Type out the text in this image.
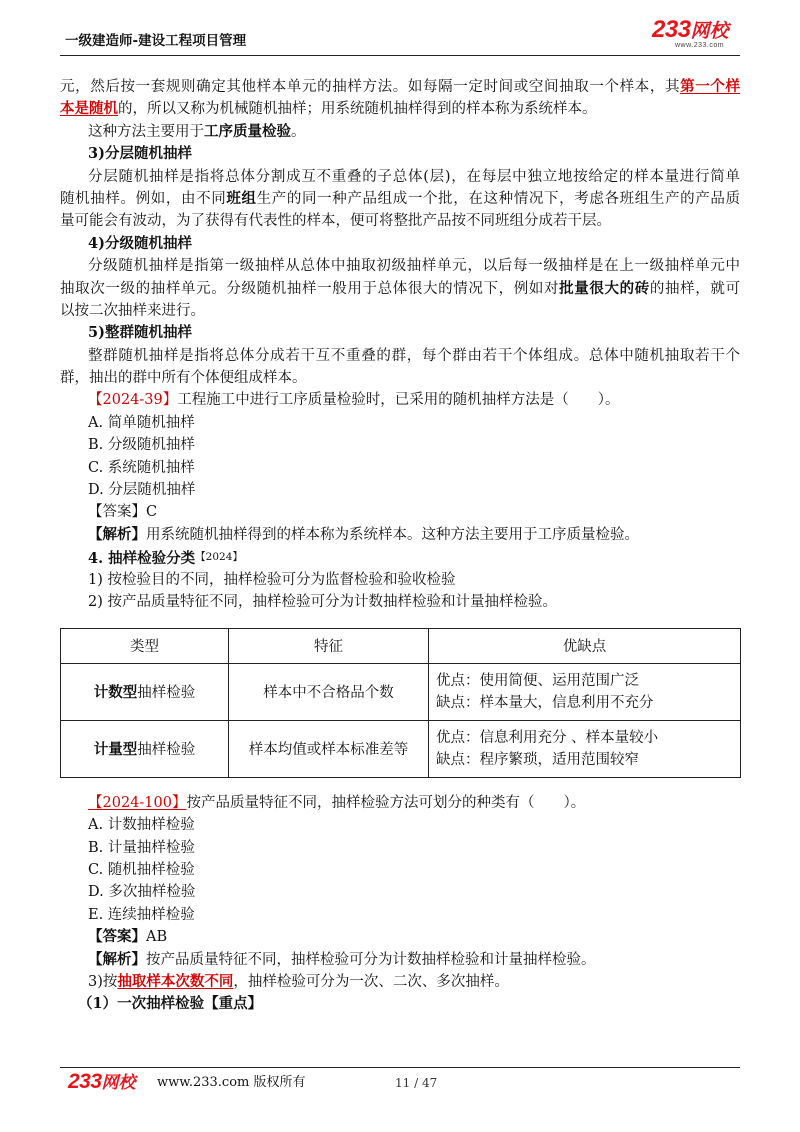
一级建造师-建设工程项目管理	233网校
www.233.com
元，然后按一套规则确定其他样本单元的抽样方法。如每隔一定时间或空间抽取一个样本，其第一个样
本是随机的，所以又称为机械随机抽样；用系统随机抽样得到的样本称为系统样本。
这种方法主要用于工序质量检验。
3)分层随机抽样
分层随机抽样是指将总体分割成互不重叠的子总体(层)，在每层中独立地按给定的样本量进行简单
随机抽样。例如，由不同班组生产的同一种产品组成一个批，在这种情况下，考虑各班组生产的产品质
量可能会有波动，为了获得有代表性的样本，便可将整批产品按不同班组分成若干层。
4)分级随机抽样
分级随机抽样是指第一级抽样从总体中抽取初级抽样单元，以后每一级抽样是在上一级抽样单元中
抽取次一级的抽样单元。分级随机抽样一般用于总体很大的情况下，例如对批量很大的砖的抽样，就可
以按二次抽样来进行。
5)整群随机抽样
整群随机抽样是指将总体分成若干互不重叠的群，每个群由若干个体组成。总体中随机抽取若干个
群，抽出的群中所有个体便组成样本。
【2024-39】工程施工中进行工序质量检验时，已采用的随机抽样方法是（　　）。
A. 简单随机抽样
B. 分级随机抽样
C. 系统随机抽样
D. 分层随机抽样
【答案】C
【解析】用系统随机抽样得到的样本称为系统样本。这种方法主要用于工序质量检验。
4. 抽样检验分类$^{【2024】}$
1) 按检验目的不同，抽样检验可分为监督检验和验收检验
2) 按产品质量特征不同，抽样检验可分为计数抽样检验和计量抽样检验。
类型	特征	优缺点
计数型抽样检验	样本中不合格品个数	优点：使用简便、运用范围广泛
缺点：样本量大，信息利用不充分

计量型抽样检验	样本均值或样本标准差等	优点：信息利用充分 、样本量较小
缺点：程序繁琐，适用范围较窄
【2024-100】按产品质量特征不同，抽样检验方法可划分的种类有（　　）。
A. 计数抽样检验
B. 计量抽样检验
C. 随机抽样检验
D. 多次抽样检验
E. 连续抽样检验
【答案】AB
【解析】按产品质量特征不同，抽样检验可分为计数抽样检验和计量抽样检验。
3)按抽取样本次数不同，抽样检验可分为一次、二次、多次抽样。
（1）一次抽样检验【重点】
233网校 www.233.com 版权所有	11 / 47
